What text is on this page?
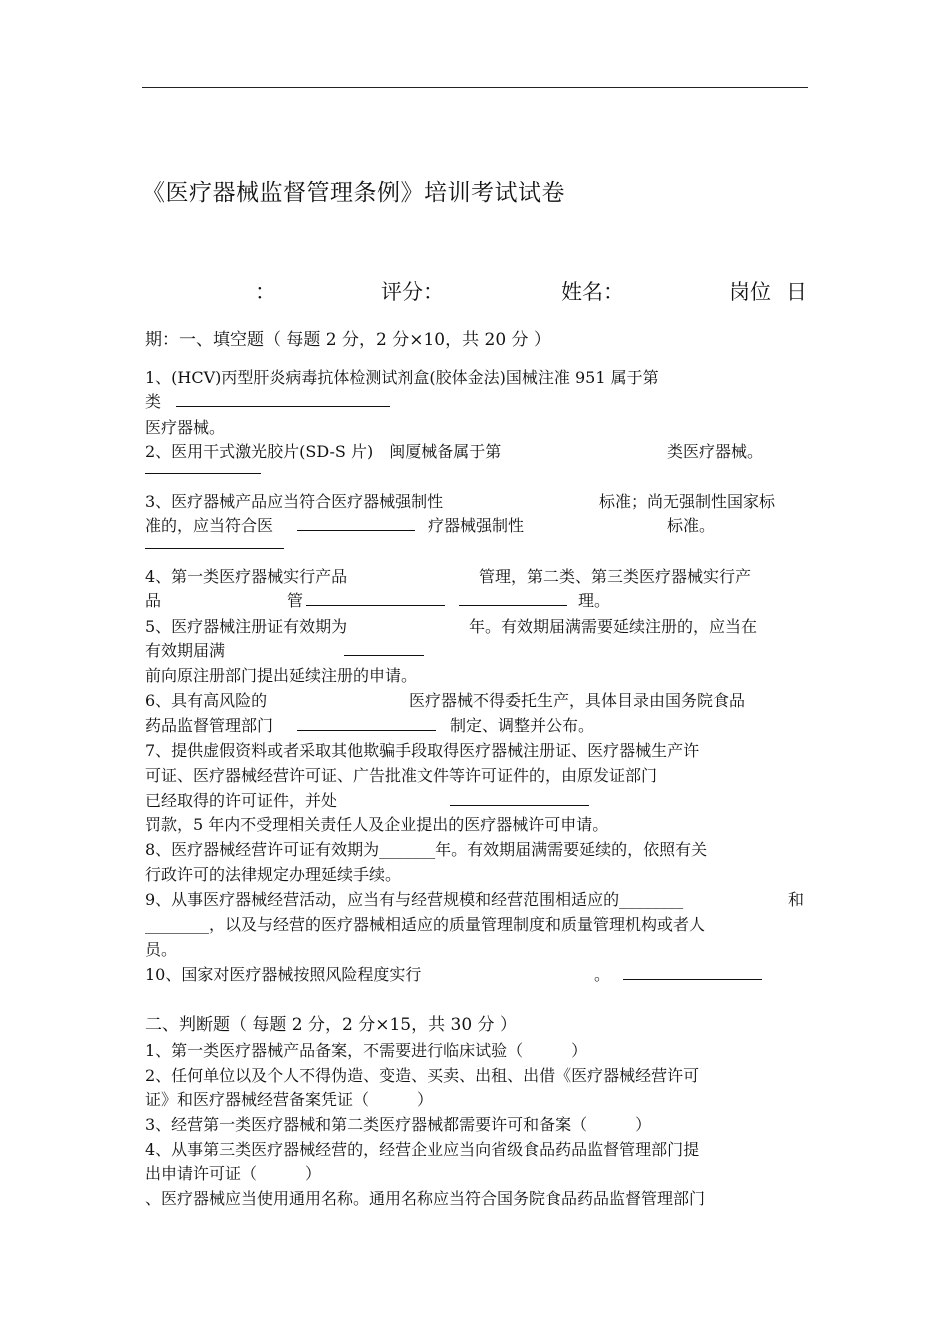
《医疗器械监督管理条例》培训考试试卷
：	评分：	姓名：	岗位 日
期：一、填空题（ 每题 2 分，2 分×10，共 20 分 ）
1、(HCV)丙型肝炎病毒抗体检测试剂盒(胶体金法)国械注准 951 属于第
类
医疗器械。
2、医用干式激光胶片(SD-S 片)　闽厦械备属于第	类医疗器械。
3、医疗器械产品应当符合医疗器械强制性	标准；尚无强制性国家标
准的，应当符合医	疗器械强制性	标准。
4、第一类医疗器械实行产品	管理，第二类、第三类医疗器械实行产
品	管	理。
5、医疗器械注册证有效期为	年。有效期届满需要延续注册的，应当在
有效期届满
前向原注册部门提出延续注册的申请。
6、具有高风险的	医疗器械不得委托生产，具体目录由国务院食品
药品监督管理部门	制定、调整并公布。
7、提供虚假资料或者采取其他欺骗手段取得医疗器械注册证、医疗器械生产许
可证、医疗器械经营许可证、广告批准文件等许可证件的，由原发证部门
已经取得的许可证件，并处
罚款，5 年内不受理相关责任人及企业提出的医疗器械许可申请。
8、医疗器械经营许可证有效期为_______年。有效期届满需要延续的，依照有关
行政许可的法律规定办理延续手续。
9、从事医疗器械经营活动，应当有与经营规模和经营范围相适应的________	和
________，以及与经营的医疗器械相适应的质量管理制度和质量管理机构或者人
员。
10、国家对医疗器械按照风险程度实行	。
二、判断题（ 每题 2 分，2 分×15，共 30 分 ）
1、第一类医疗器械产品备案，不需要进行临床试验（　　　）
2、任何单位以及个人不得伪造、变造、买卖、出租、出借《医疗器械经营许可
证》和医疗器械经营备案凭证（　　　）
3、经营第一类医疗器械和第二类医疗器械都需要许可和备案（　　　）
4、从事第三类医疗器械经营的，经营企业应当向省级食品药品监督管理部门提
出申请许可证（　　　）
、医疗器械应当使用通用名称。通用名称应当符合国务院食品药品监督管理部门
